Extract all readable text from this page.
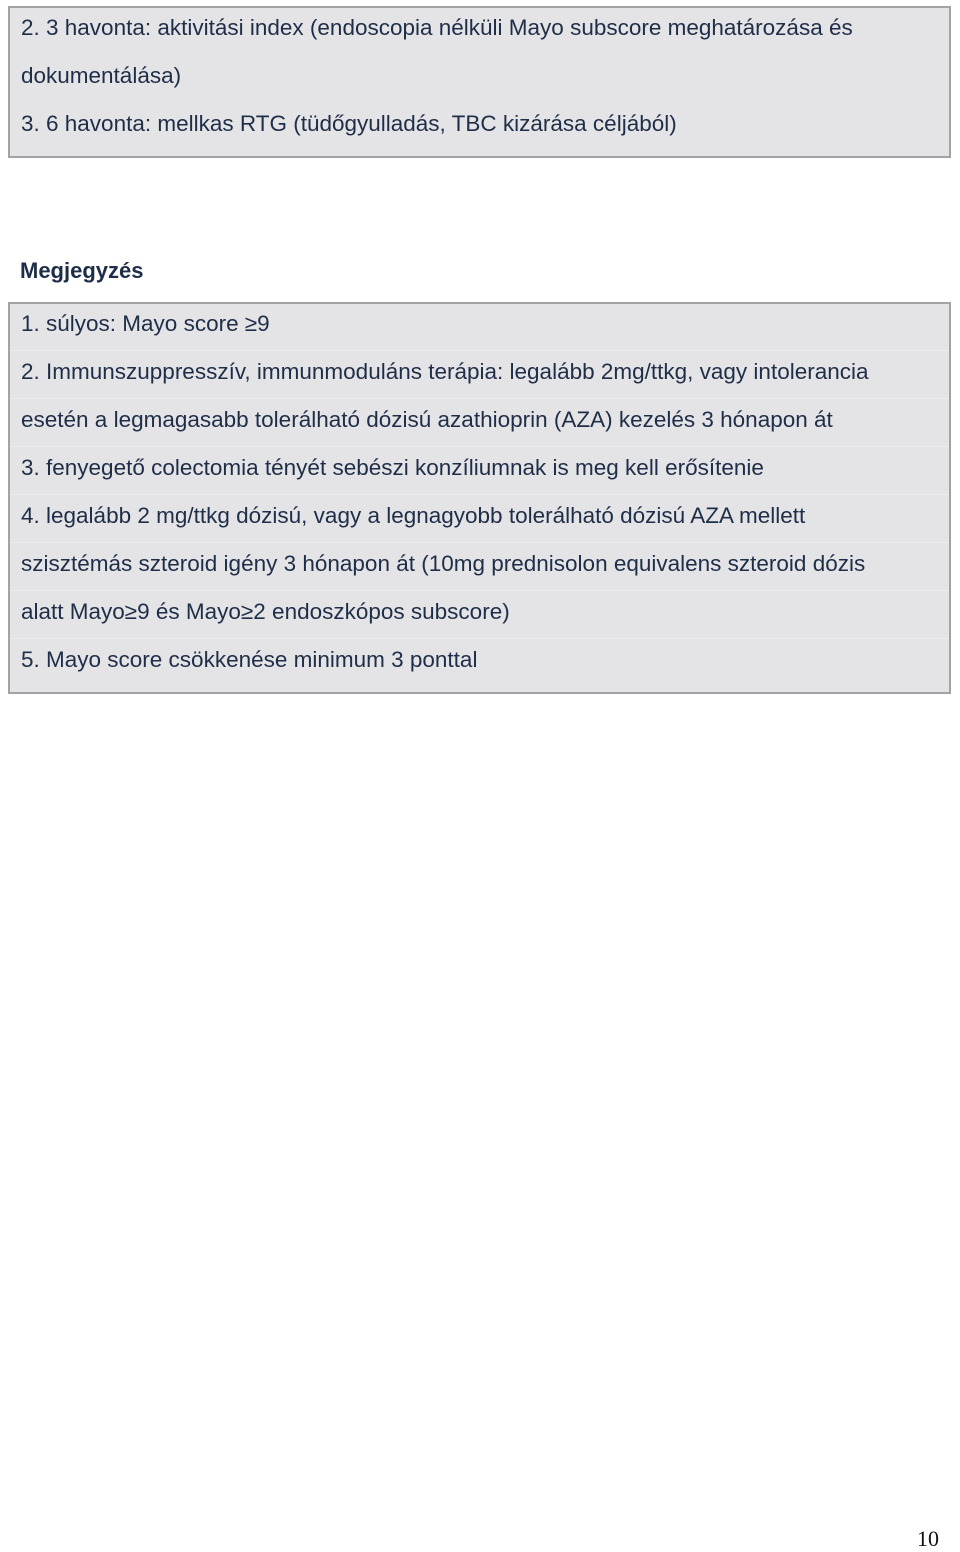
2. 3 havonta: aktivitási index (endoscopia nélküli Mayo subscore meghatározása és
dokumentálása)
3. 6 havonta: mellkas RTG (tüdőgyulladás, TBC kizárása céljából)
Megjegyzés
1. súlyos: Mayo score ≥9
2. Immunszuppresszív, immunmoduláns terápia: legalább 2mg/ttkg, vagy intolerancia
esetén a legmagasabb tolerálható dózisú azathioprin (AZA) kezelés 3 hónapon át
3. fenyegető colectomia tényét sebészi konzíliumnak is meg kell erősítenie
4. legalább 2 mg/ttkg dózisú, vagy a legnagyobb tolerálható dózisú AZA mellett
szisztémás szteroid igény 3 hónapon át (10mg prednisolon equivalens szteroid dózis
alatt Mayo≥9 és Mayo≥2 endoszkópos subscore)
5. Mayo score csökkenése minimum 3 ponttal
10
